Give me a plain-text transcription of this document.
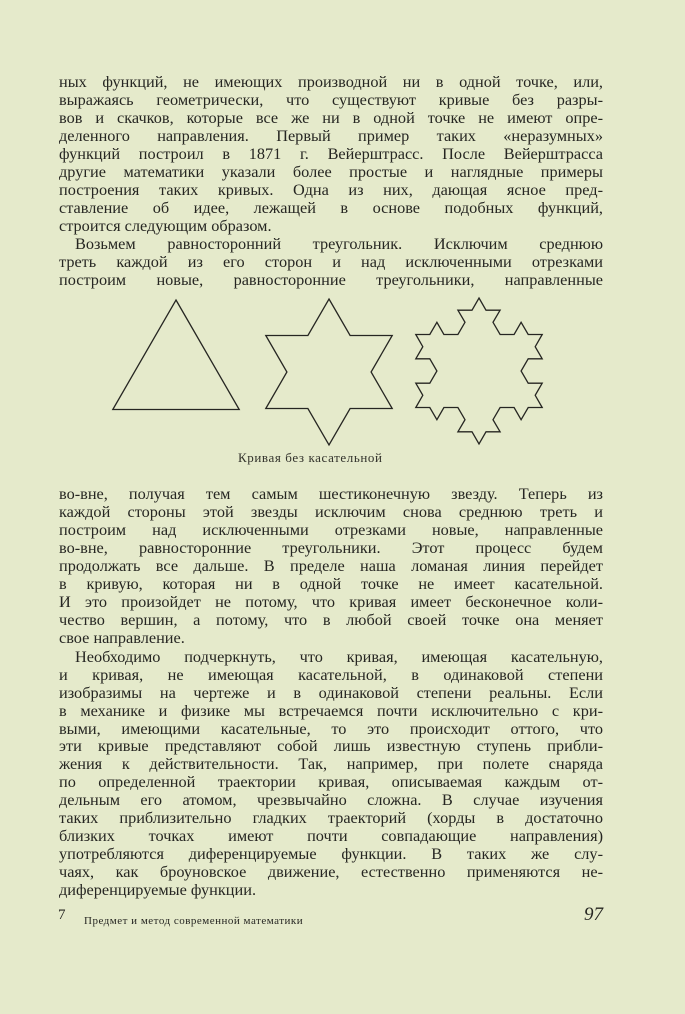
ных функций, не имеющих производной ни в одной точке, или,
выражаясь геометрически, что существуют кривые без разры-
вов и скачков, которые все же ни в одной точке не имеют опре-
деленного направления. Первый пример таких «неразумных»
функций построил в 1871 г. Вейерштрасс. После Вейерштрасса
другие математики указали более простые и наглядные примеры
построения таких кривых. Одна из них, дающая ясное пред-
ставление об идее, лежащей в основе подобных функций,
строится следующим образом.
Возьмем равносторонний треугольник. Исключим среднюю
треть каждой из его сторон и над исключенными отрезками
построим новые, равносторонние треугольники, направленные
Кривая без касательной
во-вне, получая тем самым шестиконечную звезду. Теперь из
каждой стороны этой звезды исключим снова среднюю треть и
построим над исключенными отрезками новые, направленные
во-вне, равносторонние треугольники. Этот процесс будем
продолжать все дальше. В пределе наша ломаная линия перейдет
в кривую, которая ни в одной точке не имеет касательной.
И это произойдет не потому, что кривая имеет бесконечное коли-
чество вершин, а потому, что в любой своей точке она меняет
свое направление.
Необходимо подчеркнуть, что кривая, имеющая касательную,
и кривая, не имеющая касательной, в одинаковой степени
изобразимы на чертеже и в одинаковой степени реальны. Если
в механике и физике мы встречаемся почти исключительно с кри-
выми, имеющими касательные, то это происходит оттого, что
эти кривые представляют собой лишь известную ступень прибли-
жения к действительности. Так, например, при полете снаряда
по определенной траектории кривая, описываемая каждым от-
дельным его атомом, чрезвычайно сложна. В случае изучения
таких приблизительно гладких траекторий (хорды в достаточно
близких точках имеют почти совпадающие направления)
употребляются диференцируемые функции. В таких же слу-
чаях, как броуновское движение, естественно применяются не-
диференцируемые функции.
7 Предмет и метод современной математики	97
